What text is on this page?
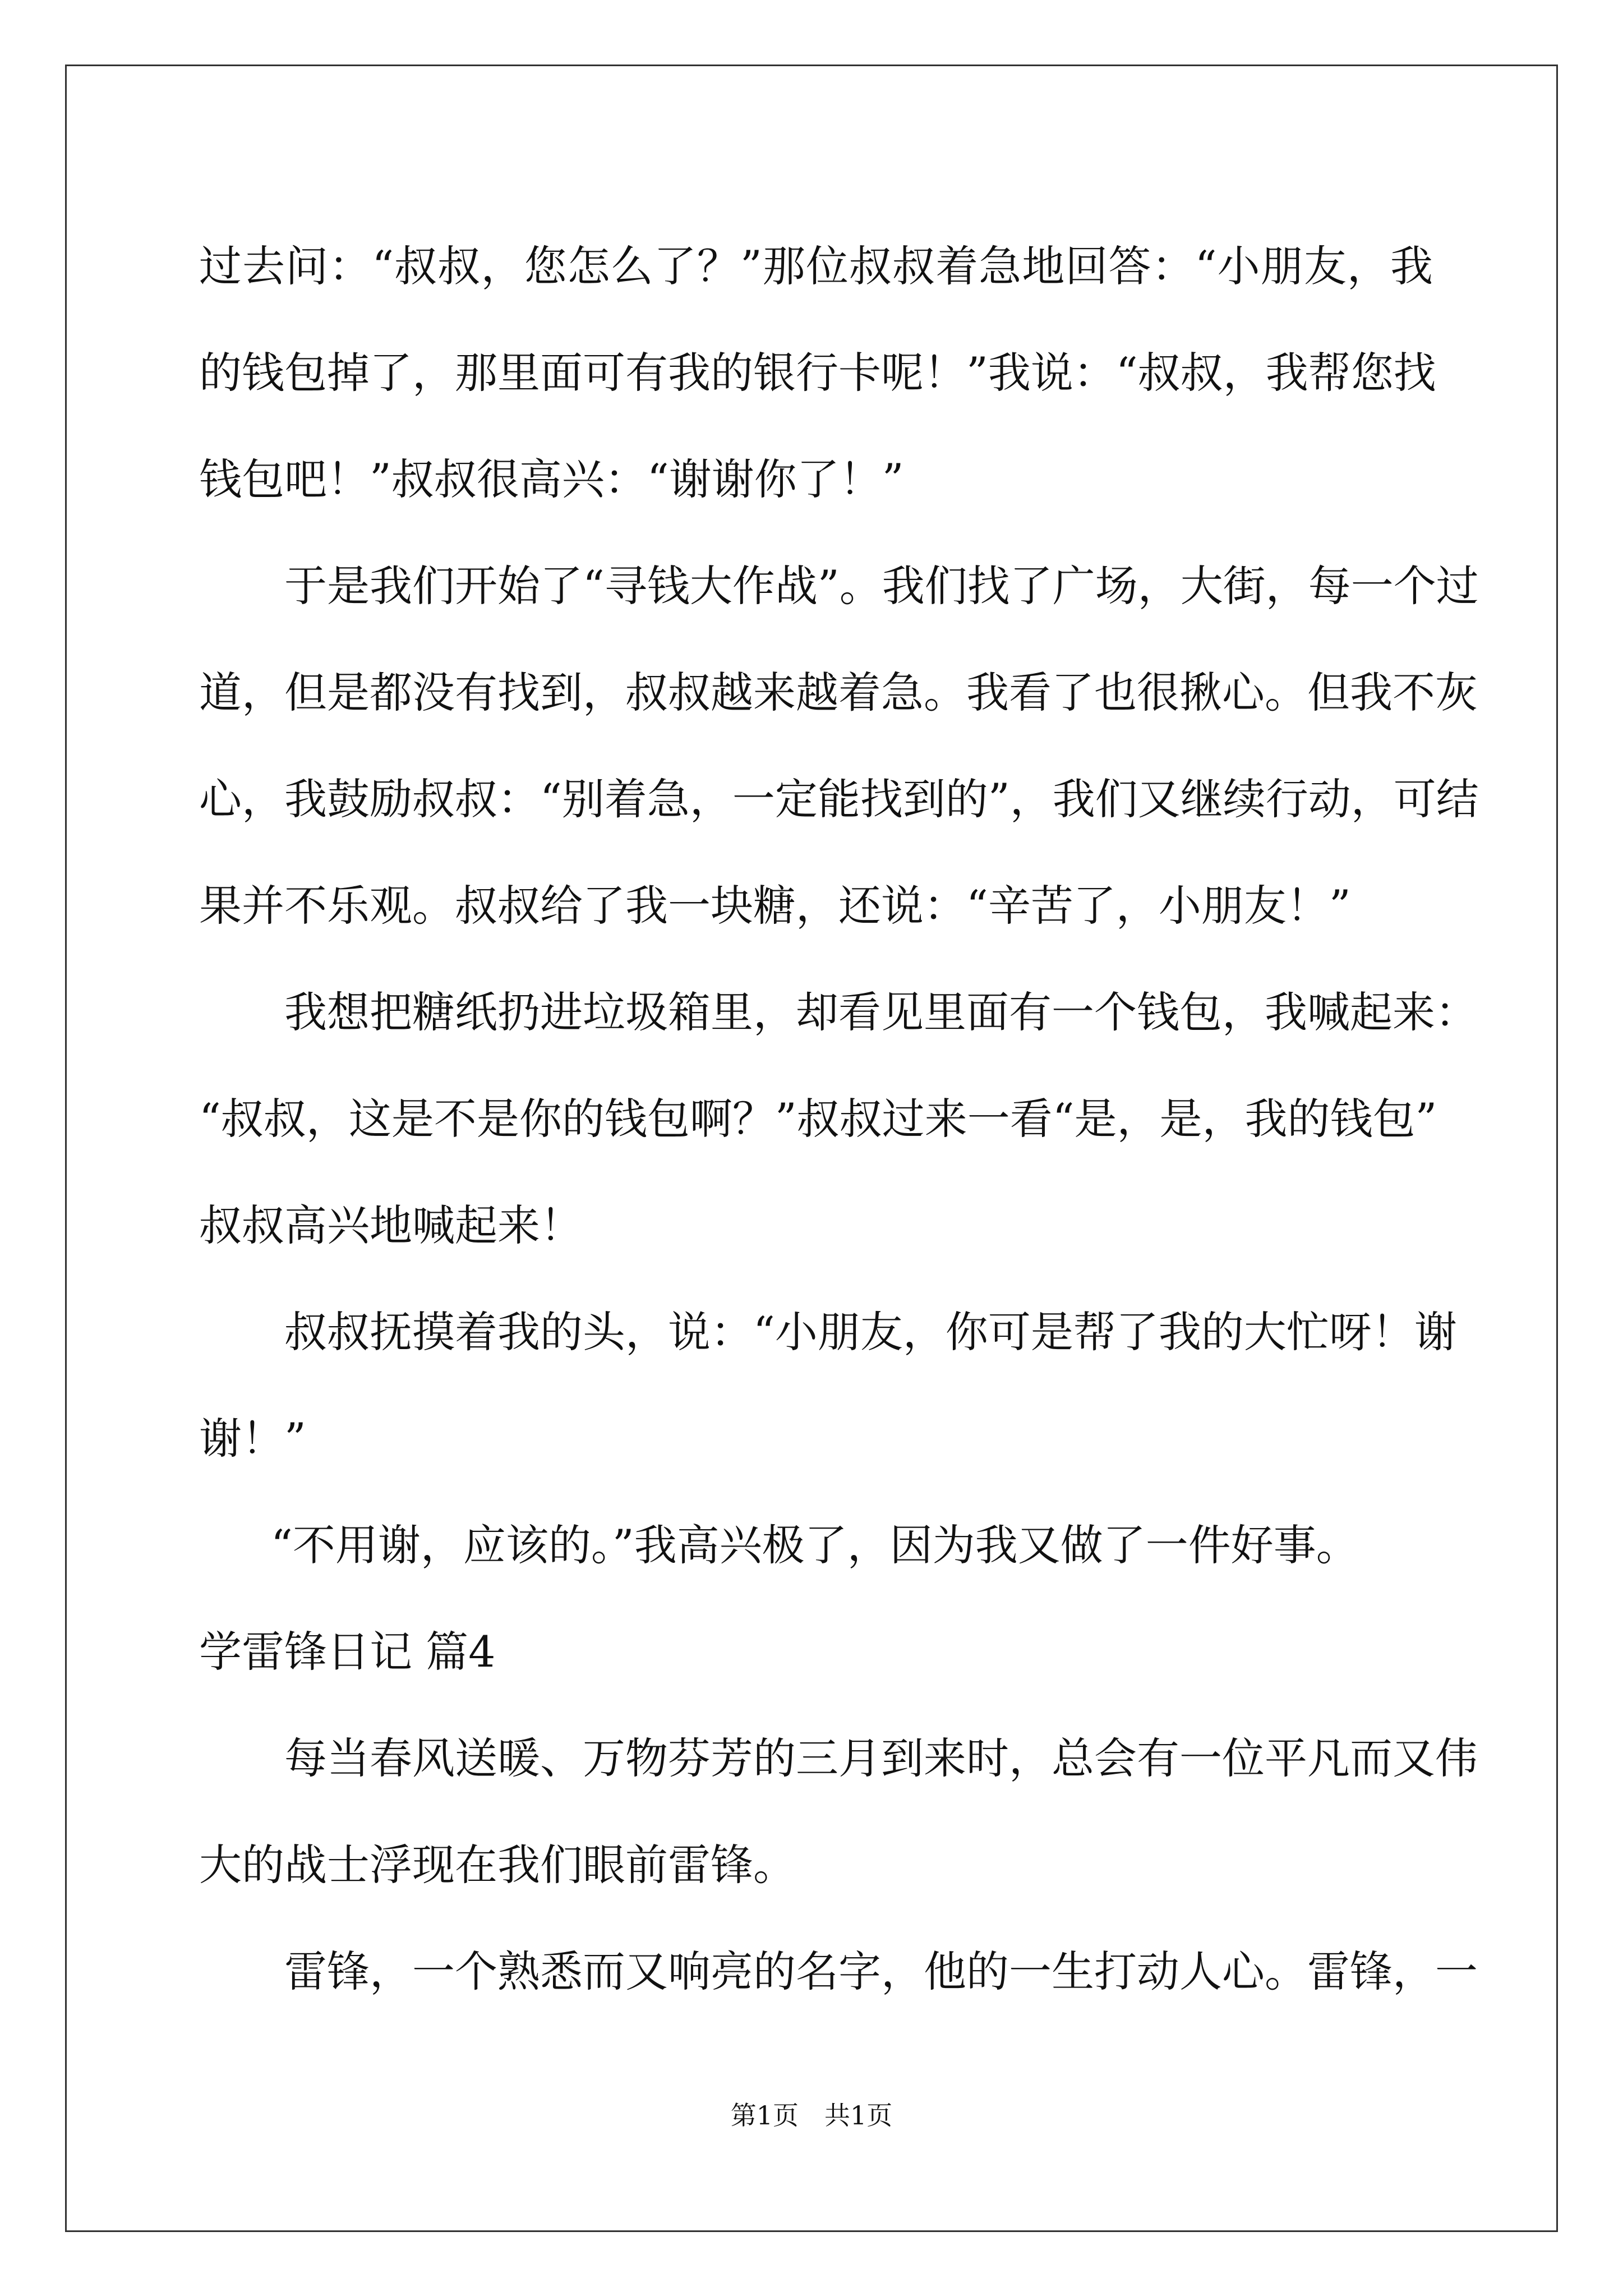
过去问：“叔叔，您怎么了？”那位叔叔着急地回答：“小朋友，我
的钱包掉了，那里面可有我的银行卡呢！”我说：“叔叔，我帮您找
钱包吧！”叔叔很高兴：“谢谢你了！”
于是我们开始了“寻钱大作战”。我们找了广场，大街，每一个过
道，但是都没有找到，叔叔越来越着急。我看了也很揪心。但我不灰
心，我鼓励叔叔：“别着急，一定能找到的”，我们又继续行动，可结
果并不乐观。叔叔给了我一块糖，还说：“辛苦了，小朋友！”
我想把糖纸扔进垃圾箱里，却看见里面有一个钱包，我喊起来：
“叔叔，这是不是你的钱包啊？”叔叔过来一看“是，是，我的钱包”
叔叔高兴地喊起来！
叔叔抚摸着我的头，说：“小朋友，你可是帮了我的大忙呀！谢
谢！”
“不用谢，应该的。”我高兴极了，因为我又做了一件好事。
学雷锋日记 篇4
每当春风送暖、万物芬芳的三月到来时，总会有一位平凡而又伟
大的战士浮现在我们眼前雷锋。
雷锋，一个熟悉而又响亮的名字，他的一生打动人心。雷锋，一
第1页　共1页
